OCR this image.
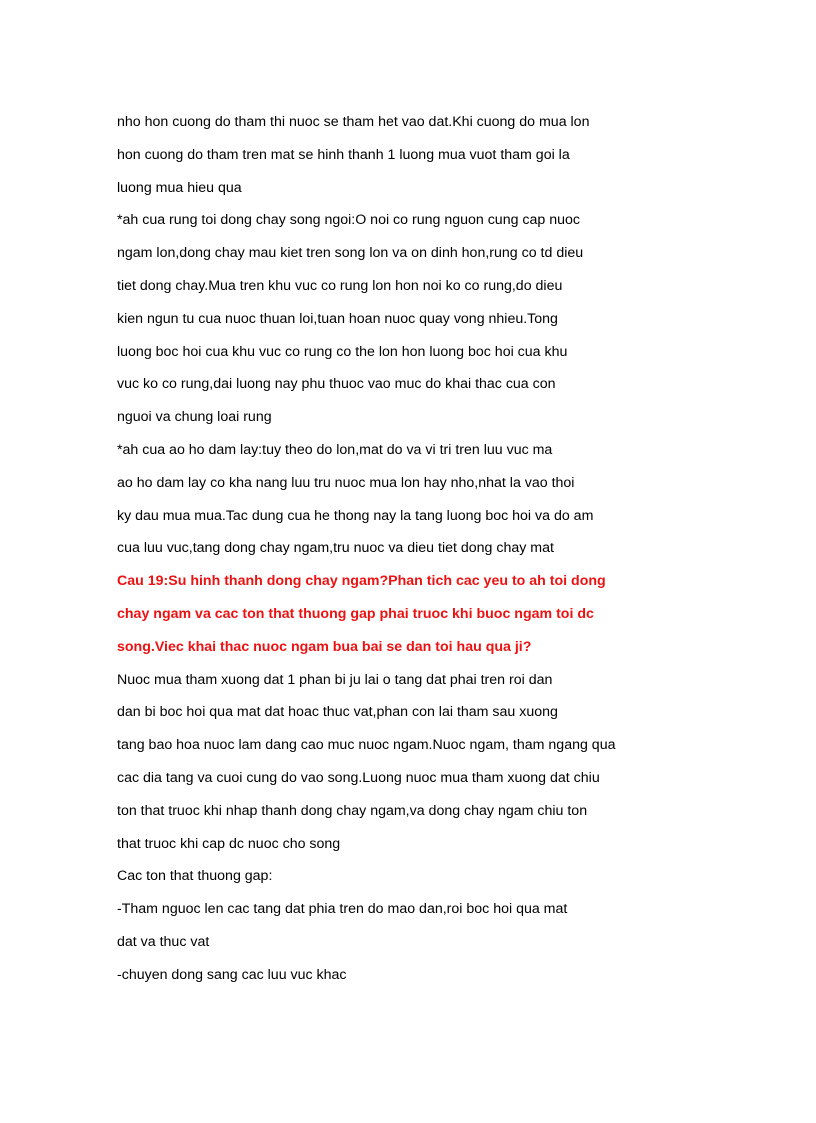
nho hon cuong do tham thi nuoc se tham het vao dat.Khi cuong do mua lon
hon cuong do tham tren mat se hinh thanh 1 luong mua vuot tham goi la
luong mua hieu qua
*ah cua rung toi dong chay song ngoi:O noi co rung nguon cung cap nuoc
ngam lon,dong chay mau kiet tren song lon va on dinh hon,rung co td dieu
tiet dong chay.Mua tren khu vuc co rung lon hon noi ko co rung,do dieu
kien ngun tu cua nuoc thuan loi,tuan hoan nuoc quay vong nhieu.Tong
luong boc hoi cua khu vuc co rung co the lon hon luong boc hoi cua khu
vuc ko co rung,dai luong nay phu thuoc vao muc do khai thac cua con
nguoi va chung loai rung
*ah cua ao ho dam lay:tuy theo do lon,mat do va vi tri tren luu vuc ma
ao ho dam lay co kha nang luu tru nuoc mua lon hay nho,nhat la vao thoi
ky dau mua mua.Tac dung cua he thong nay la tang luong boc hoi va do am
cua luu vuc,tang dong chay ngam,tru nuoc va dieu tiet dong chay mat
Cau 19:Su hinh thanh dong chay ngam?Phan tich cac yeu to ah toi dong
chay ngam va cac ton that thuong gap phai truoc khi buoc ngam toi dc
song.Viec khai thac nuoc ngam bua bai se dan toi hau qua ji?
Nuoc mua tham xuong dat 1 phan bi ju lai o tang dat phai tren roi dan
dan bi boc hoi qua mat dat hoac thuc vat,phan con lai tham sau xuong
tang bao hoa nuoc lam dang cao muc nuoc ngam.Nuoc ngam, tham ngang qua
cac dia tang va cuoi cung do vao song.Luong nuoc mua tham xuong dat chiu
ton that truoc khi nhap thanh dong chay ngam,va dong chay ngam chiu ton
that truoc khi cap dc nuoc cho song
Cac ton that thuong gap:
-Tham nguoc len cac tang dat phia tren do mao dan,roi boc hoi qua mat
dat va thuc vat
-chuyen dong sang cac luu vuc khac
